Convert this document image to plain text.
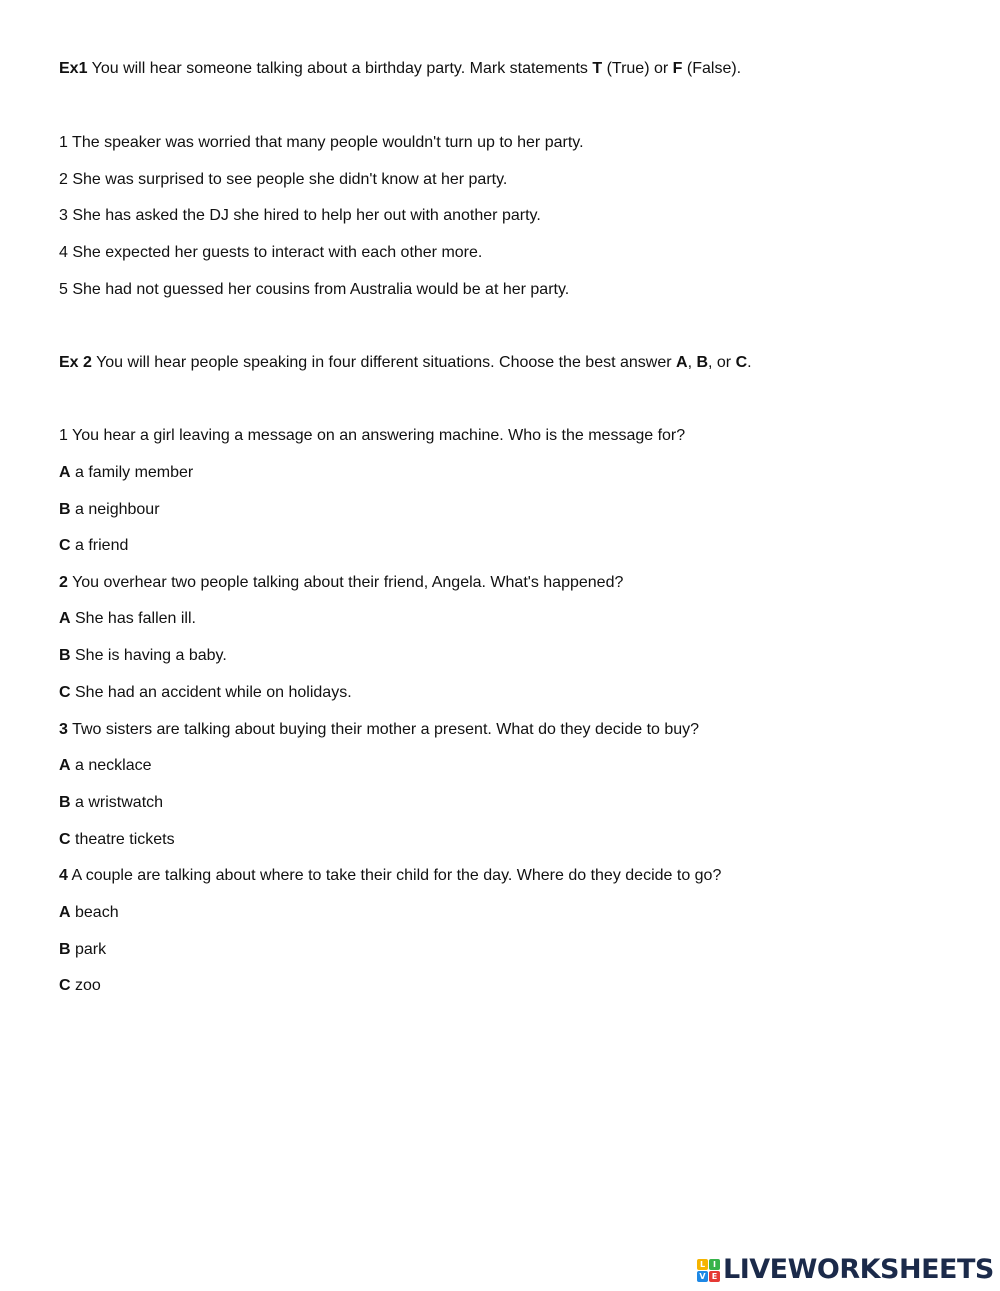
Ex1 You will hear someone talking about a birthday party. Mark statements T (True) or F (False).
1 The speaker was worried that many people wouldn't turn up to her party.
2 She was surprised to see people she didn't know at her party.
3 She has asked the DJ she hired to help her out with another party.
4 She expected her guests to interact with each other more.
5 She had not guessed her cousins from Australia would be at her party.
Ex 2 You will hear people speaking in four different situations. Choose the best answer A, B, or C.
1 You hear a girl leaving a message on an answering machine. Who is the message for?
A a family member
B a neighbour
C a friend
2 You overhear two people talking about their friend, Angela. What's happened?
A She has fallen ill.
B She is having a baby.
C She had an accident while on holidays.
3 Two sisters are talking about buying their mother a present. What do they decide to buy?
A a necklace
B a wristwatch
C theatre tickets
4 A couple are talking about where to take their child for the day. Where do they decide to go?
A beach
B park
C zoo
L I
V E LIVEWORKSHEETS
